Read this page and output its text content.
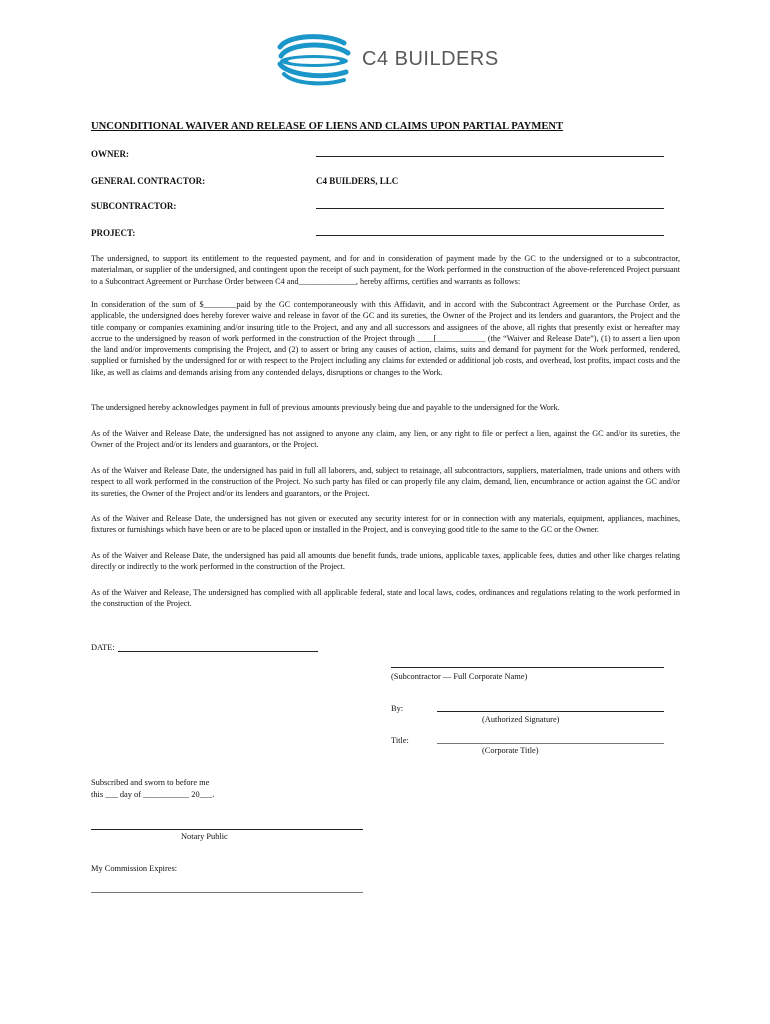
C4 BUILDERS
UNCONDITIONAL WAIVER AND RELEASE OF LIENS AND CLAIMS UPON PARTIAL PAYMENT
OWNER:
GENERAL CONTRACTOR:	C4 BUILDERS, LLC
SUBCONTRACTOR:
PROJECT:
The undersigned, to support its entitlement to the requested payment, and for and in consideration of payment made by the GC to the undersigned or to a subcontractor, materialman, or supplier of the undersigned, and contingent upon the receipt of such payment, for the Work performed in the construction of the above-referenced Project pursuant to a Subcontract Agreement or Purchase Order between C4 and______________, hereby affirms, certifies and warrants as follows:
In consideration of the sum of $________paid by the GC contemporaneously with this Affidavit, and in accord with the Subcontract Agreement or the Purchase Order, as applicable, the undersigned does hereby forever waive and release in favor of the GC and its sureties, the Owner of the Project and its lenders and guarantors, the Project and the title company or companies examining and/or insuring title to the Project, and any and all successors and assignees of the above, all rights that presently exist or hereafter may accrue to the undersigned by reason of work performed in the construction of the Project through ____[____________ (the “Waiver and Release Date”), (1) to assert a lien upon the land and/or improvements comprising the Project, and (2) to assert or bring any causes of action, claims, suits and demand for payment for the Work performed, rendered, supplied or furnished by the undersigned for or with respect to the Project including any claims for extended or additional job costs, and overhead, lost profits, impact costs and the like, as well as claims and demands arising from any contended delays, disruptions or changes to the Work.
The undersigned hereby acknowledges payment in full of previous amounts previously being due and payable to the undersigned for the Work.
As of the Waiver and Release Date, the undersigned has not assigned to anyone any claim, any lien, or any right to file or perfect a lien, against the GC and/or its sureties, the Owner of the Project and/or its lenders and guarantors, or the Project.
As of the Waiver and Release Date, the undersigned has paid in full all laborers, and, subject to retainage, all subcontractors, suppliers, materialmen, trade unions and others with respect to all work performed in the construction of the Project. No such party has filed or can properly file any claim, demand, lien, encumbrance or action against the GC and/or its sureties, the Owner of the Project and/or its lenders and guarantors, or the Project.
As of the Waiver and Release Date, the undersigned has not given or executed any security interest for or in connection with any materials, equipment, appliances, machines, fixtures or furnishings which have been or are to be placed upon or installed in the Project, and is conveying good title to the same to the GC or the Owner.
As of the Waiver and Release Date, the undersigned has paid all amounts due benefit funds, trade unions, applicable taxes, applicable fees, duties and other like charges relating directly or indirectly to the work performed in the construction of the Project.
As of the Waiver and Release, The undersigned has complied with all applicable federal, state and local laws, codes, ordinances and regulations relating to the work performed in the construction of the Project.
DATE:
(Subcontractor — Full Corporate Name)
By:
(Authorized Signature)
Title:
(Corporate Title)
Subscribed and sworn to before me
this ___ day of ___________ 20___.
Notary Public
My Commission Expires:
